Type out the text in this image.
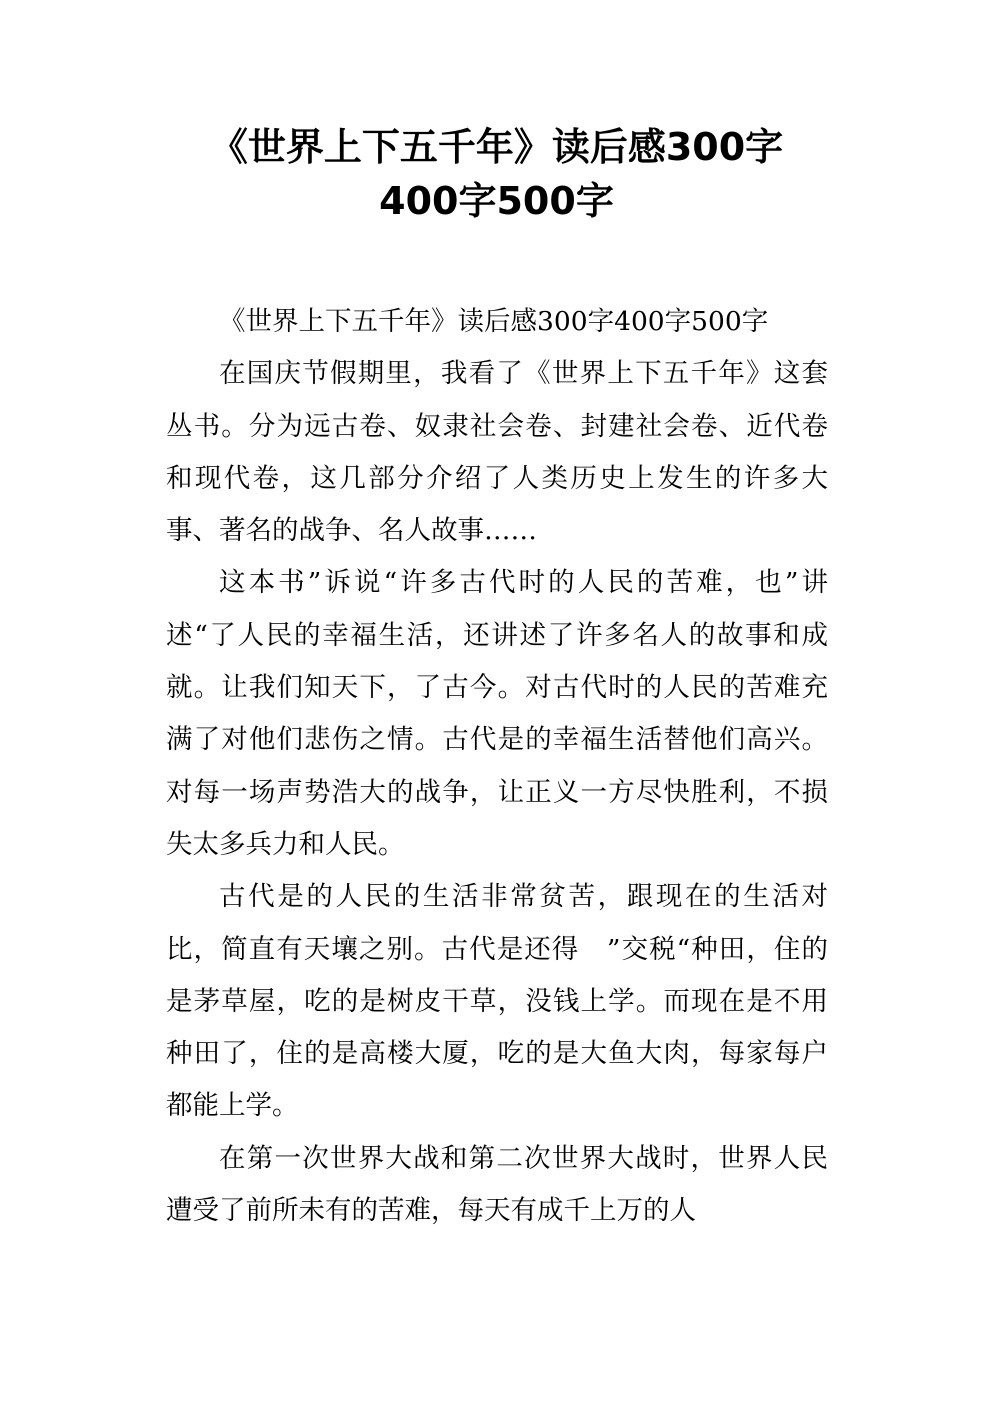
《世界上下五千年》读后感300字
400字500字

《世界上下五千年》读后感300字400字500字

在国庆节假期里，我看了《世界上下五千年》这套丛书。分为远古卷、奴隶社会卷、封建社会卷、近代卷和现代卷，这几部分介绍了人类历史上发生的许多大事、著名的战争、名人故事……

这本书”诉说“许多古代时的人民的苦难，也”讲述“了人民的幸福生活，还讲述了许多名人的故事和成就。让我们知天下，了古今。对古代时的人民的苦难充满了对他们悲伤之情。古代是的幸福生活替他们高兴。对每一场声势浩大的战争，让正义一方尽快胜利，不损失太多兵力和人民。

古代是的人民的生活非常贫苦，跟现在的生活对比，简直有天壤之别。古代是还得　”交税“种田，住的是茅草屋，吃的是树皮干草，没钱上学。而现在是不用种田了，住的是高楼大厦，吃的是大鱼大肉，每家每户都能上学。

在第一次世界大战和第二次世界大战时，世界人民遭受了前所未有的苦难，每天有成千上万的人
